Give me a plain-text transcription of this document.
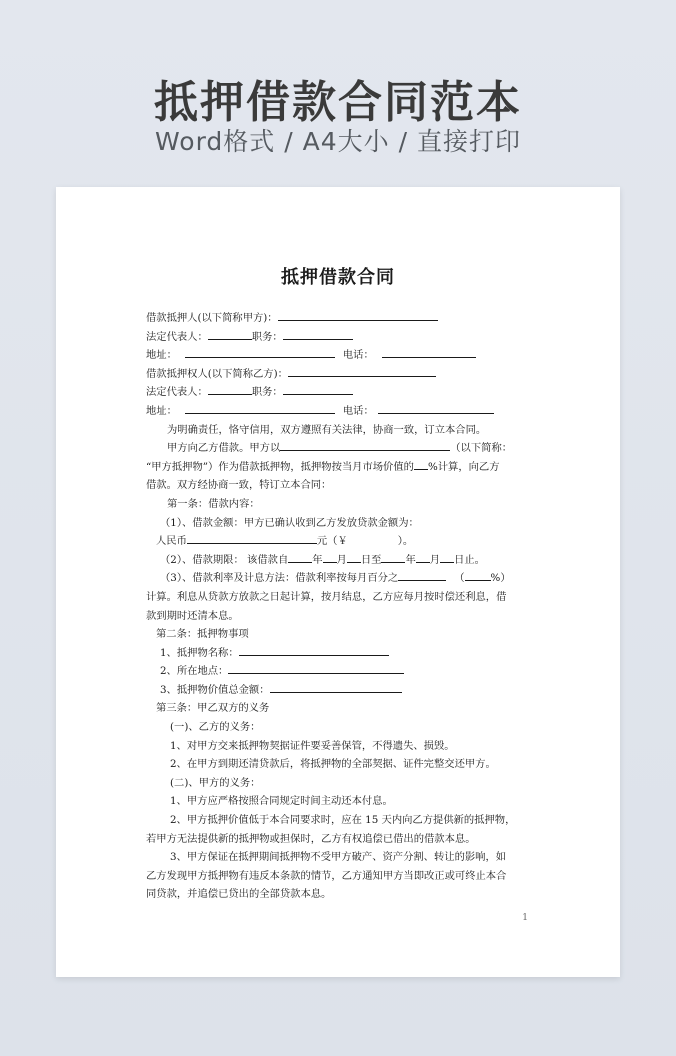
抵押借款合同范本
Word格式 / A4大小 / 直接打印
抵押借款合同
借款抵押人(以下简称甲方)：
法定代表人：	职务：
地址：	电话：
借款抵押权人(以下简称乙方)：
法定代表人：	职务：
地址：	电话：
为明确责任，恪守信用，双方遵照有关法律，协商一致，订立本合同。
甲方向乙方借款。甲方以	（以下简称：
“甲方抵押物”）作为借款抵押物，抵押物按当月市场价值的 %计算，向乙方
借款。双方经协商一致，特订立本合同：
第一条：借款内容：
（1）、借款金额：甲方已确认收到乙方发放贷款金额为：
人民币	元（￥	）。
（2）、借款期限： 该借款自 年 月 日至 年 月 日止。
（3）、借款利率及计息方法：借款利率按每月百分之	（	%）
计算。利息从贷款方放款之日起计算，按月结息，乙方应每月按时偿还利息，借
款到期时还清本息。
第二条：抵押物事项
1、抵押物名称：
2、所在地点：
3、抵押物价值总金额：
第三条：甲乙双方的义务
(一)、乙方的义务：
1、对甲方交来抵押物契据证件要妥善保管，不得遗失、损毁。
2、在甲方到期还清贷款后，将抵押物的全部契据、证件完整交还甲方。
(二)、甲方的义务：
1、甲方应严格按照合同规定时间主动还本付息。
2、甲方抵押价值低于本合同要求时，应在 15 天内向乙方提供新的抵押物，
若甲方无法提供新的抵押物或担保时，乙方有权追偿已借出的借款本息。
3、甲方保证在抵押期间抵押物不受甲方破产、资产分割、转让的影响，如
乙方发现甲方抵押物有违反本条款的情节，乙方通知甲方当即改正或可终止本合
同贷款，并追偿已贷出的全部贷款本息。
1
